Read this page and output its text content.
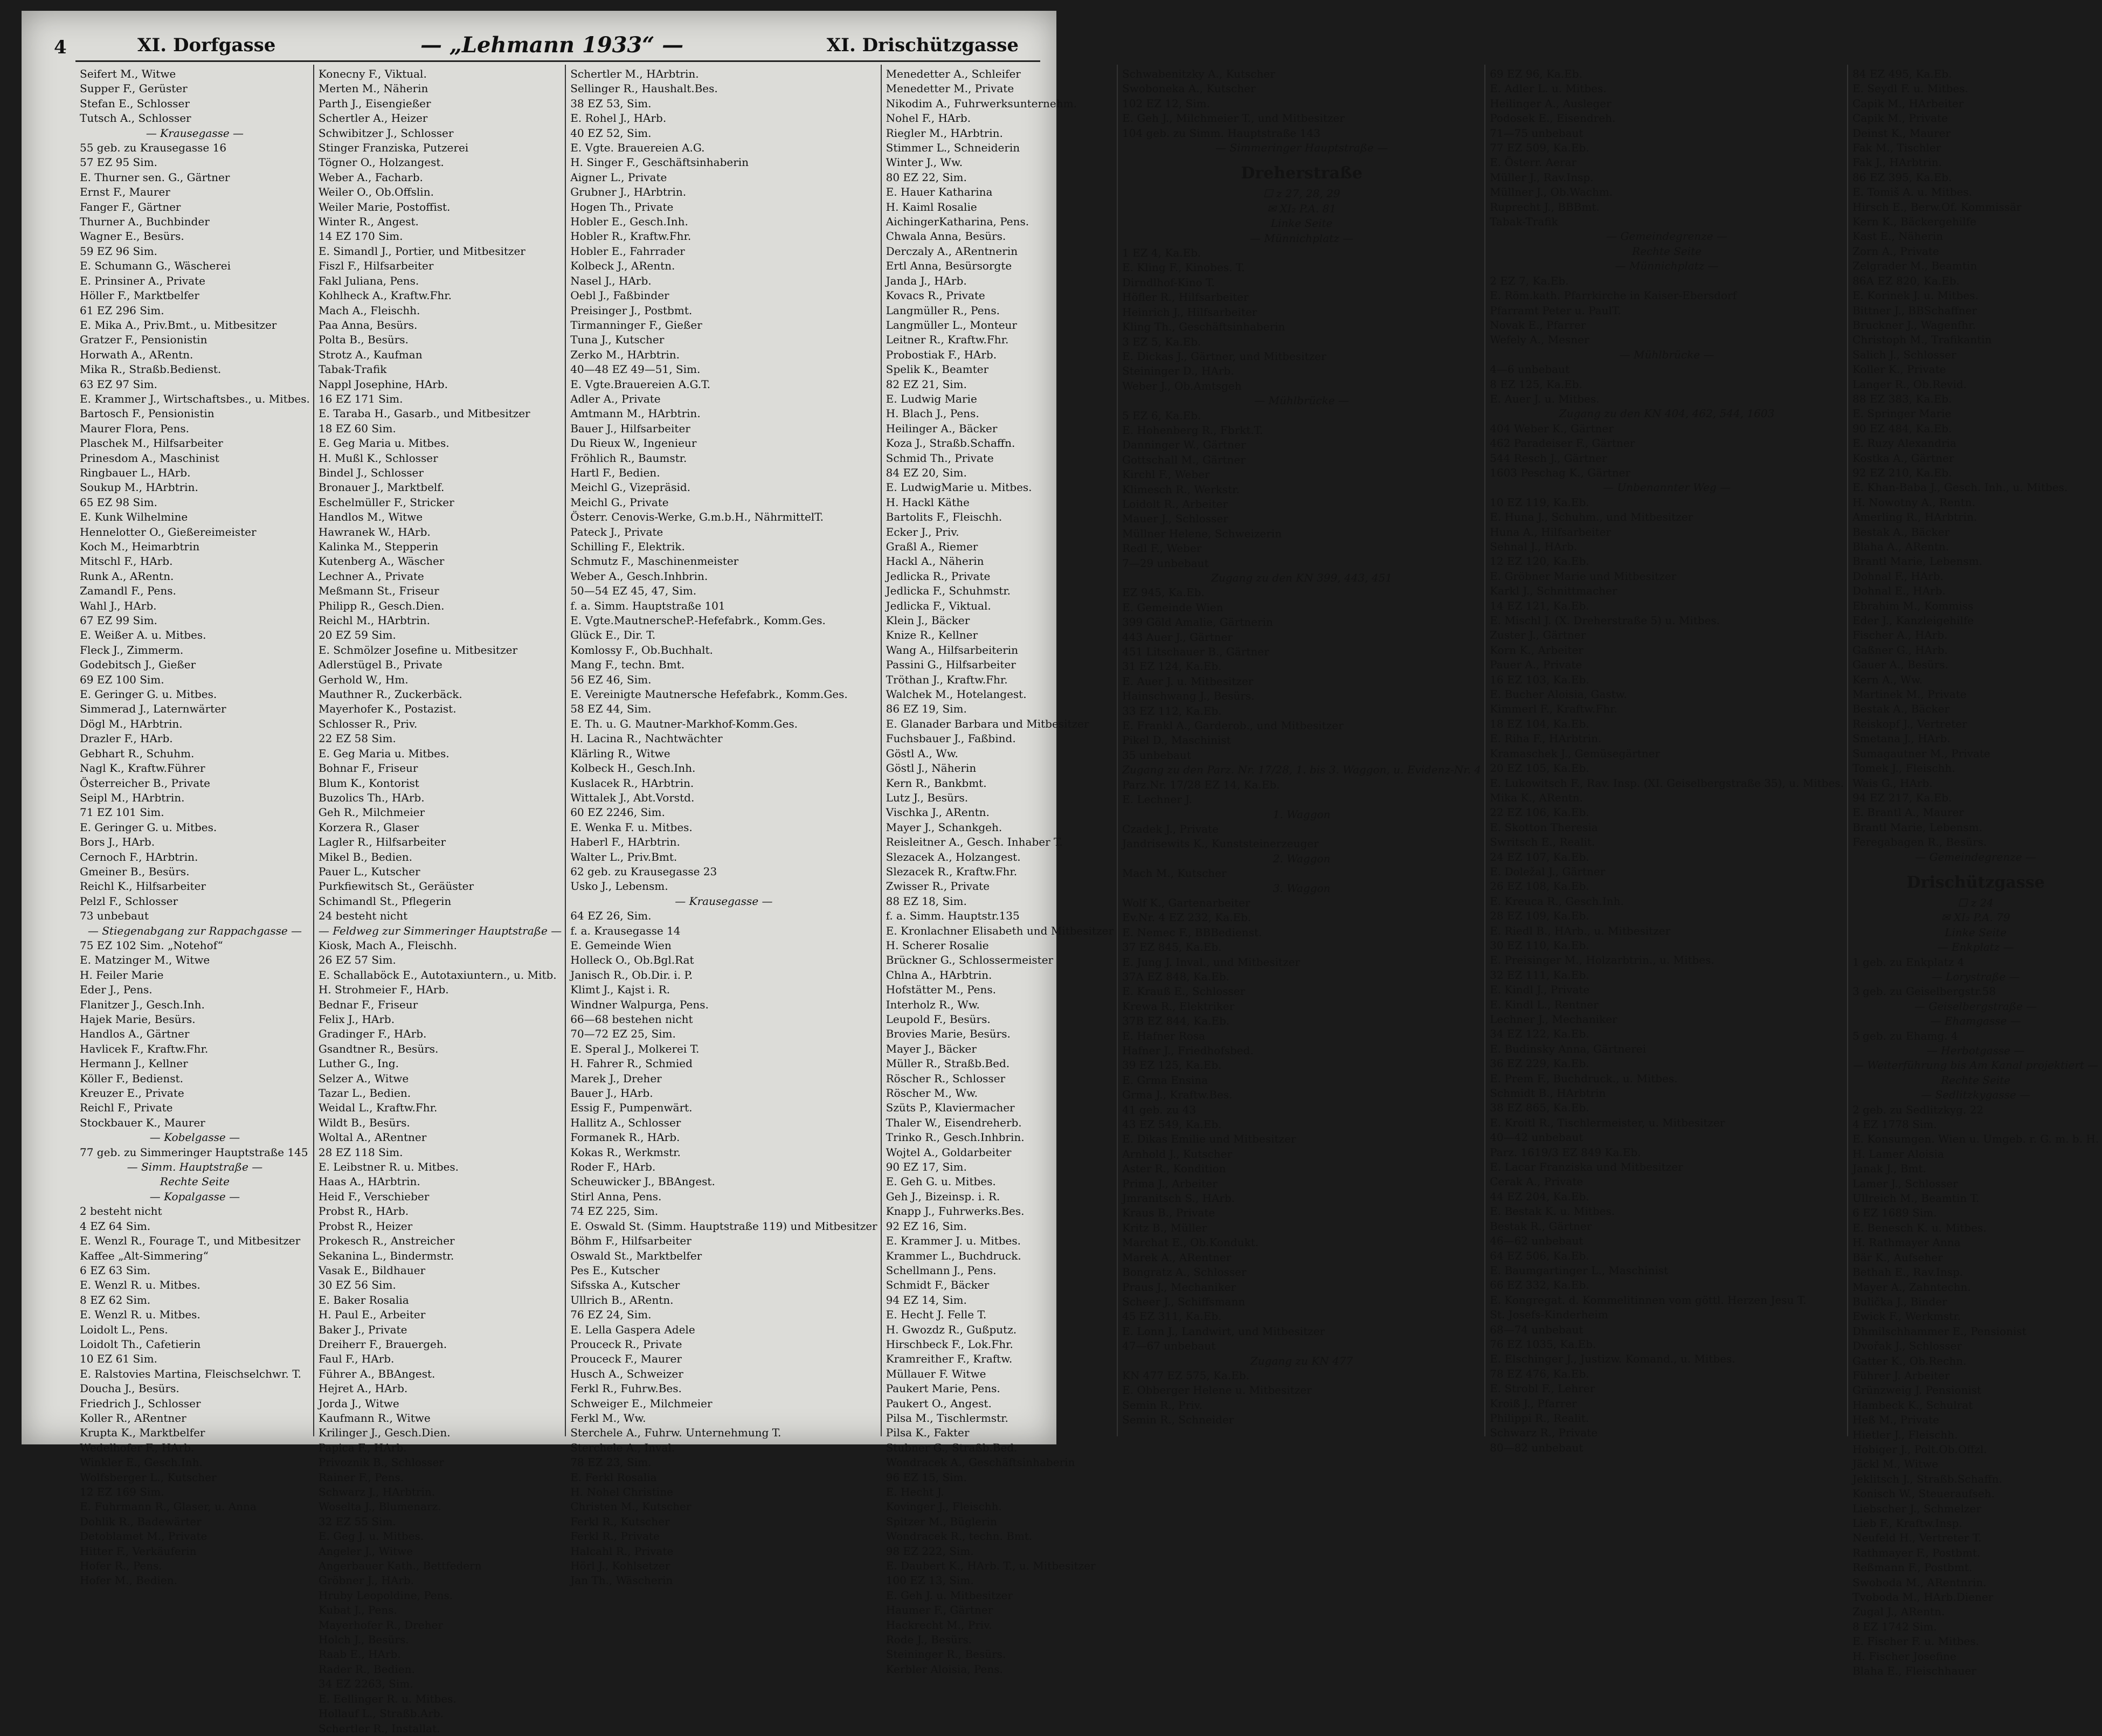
4	XI. Dorfgasse	— „Lehmann 1933“ —	XI. Drischützgasse
Seifert M., Witwe
Supper F., Gerüster
Stefan E., Schlosser
Tutsch A., Schlosser
— Krausegasse —
55 geb. zu Krausegasse 16
57 EZ 95 Sim.
E. Thurner sen. G., Gärtner
Ernst F., Maurer
Fanger F., Gärtner
Thurner A., Buchbinder
Wagner E., Besürs.
59 EZ 96 Sim.
E. Schumann G., Wäscherei
E. Prinsiner A., Private
Höller F., Marktbelfer
61 EZ 296 Sim.
E. Mika A., Priv.Bmt., u. Mitbesitzer
Gratzer F., Pensionistin
Horwath A., ARentn.
Mika R., Straßb.Bedienst.
63 EZ 97 Sim.
E. Krammer J., Wirtschaftsbes., u. Mitbes.
Bartosch F., Pensionistin
Maurer Flora, Pens.
Plaschek M., Hilfsarbeiter
Prinesdom A., Maschinist
Ringbauer L., HArb.
Soukup M., HArbtrin.
65 EZ 98 Sim.
E. Kunk Wilhelmine
Hennelotter O., Gießereimeister
Koch M., Heimarbtrin
Mitschl F., HArb.
Runk A., ARentn.
Zamandl F., Pens.
Wahl J., HArb.
67 EZ 99 Sim.
E. Weißer A. u. Mitbes.
Fleck J., Zimmerm.
Godebitsch J., Gießer
69 EZ 100 Sim.
E. Geringer G. u. Mitbes.
Simmerad J., Laternwärter
Dögl M., HArbtrin.
Drazler F., HArb.
Gebhart R., Schuhm.
Nagl K., Kraftw.Führer
Österreicher B., Private
Seipl M., HArbtrin.
71 EZ 101 Sim.
E. Geringer G. u. Mitbes.
Bors J., HArb.
Cernoch F., HArbtrin.
Gmeiner B., Besürs.
Reichl K., Hilfsarbeiter
Pelzl F., Schlosser
73 unbebaut
— Stiegenabgang zur Rappachgasse —
75 EZ 102 Sim. „Notehof“
E. Matzinger M., Witwe
H. Feiler Marie
Eder J., Pens.
Flanitzer J., Gesch.Inh.
Hajek Marie, Besürs.
Handlos A., Gärtner
Havlicek F., Kraftw.Fhr.
Hermann J., Kellner
Köller F., Bedienst.
Kreuzer E., Private
Reichl F., Private
Stockbauer K., Maurer
— Kobelgasse —
77 geb. zu Simmeringer Hauptstraße 145
— Simm. Hauptstraße —
Rechte Seite
— Kopalgasse —
2 besteht nicht
4 EZ 64 Sim.
E. Wenzl R., Fourage T., und Mitbesitzer
Kaffee „Alt-Simmering“
6 EZ 63 Sim.
E. Wenzl R. u. Mitbes.
8 EZ 62 Sim.
E. Wenzl R. u. Mitbes.
Loidolt L., Pens.
Loidolt Th., Cafetierin
10 EZ 61 Sim.
E. Ralstovies Martina, Fleischselchwr. T.
Doucha J., Besürs.
Friedrich J., Schlosser
Koller R., ARentner
Krupta K., Marktbelfer
Wedelhofer F., HArb.
Winkler E., Gesch.Inh.
Wolfsberger L., Kutscher
12 EZ 169 Sim.
E. Fuhrmann R., Glaser, u. Anna
Dohlik R., Badewärter
Detoblamet M., Private
Hitter F., Verkäuferin
Hofer R., Pens.
Hofer M., Bedien.
Konecny F., Viktual.
Merten M., Näherin
Parth J., Eisengießer
Schertler A., Heizer
Schwibitzer J., Schlosser
Stinger Franziska, Putzerei
Tögner O., Holzangest.
Weber A., Facharb.
Weiler O., Ob.Offslin.
Weiler Marie, Postoffist.
Winter R., Angest.
14 EZ 170 Sim.
E. Simandl J., Portier, und Mitbesitzer
Fiszl F., Hilfsarbeiter
Fakl Juliana, Pens.
Kohlheck A., Kraftw.Fhr.
Mach A., Fleischh.
Paa Anna, Besürs.
Polta B., Besürs.
Strotz A., Kaufman
Tabak-Trafik
Nappl Josephine, HArb.
16 EZ 171 Sim.
E. Taraba H., Gasarb., und Mitbesitzer
18 EZ 60 Sim.
E. Geg Maria u. Mitbes.
H. Mußl K., Schlosser
Bindel J., Schlosser
Bronauer J., Marktbelf.
Eschelmüller F., Stricker
Handlos M., Witwe
Hawranek W., HArb.
Kalinka M., Stepperin
Kutenberg A., Wäscher
Lechner A., Private
Meßmann St., Friseur
Philipp R., Gesch.Dien.
Reichl M., HArbtrin.
20 EZ 59 Sim.
E. Schmölzer Josefine u. Mitbesitzer
Adlerstügel B., Private
Gerhold W., Hm.
Mauthner R., Zuckerbäck.
Mayerhofer K., Postazist.
Schlosser R., Priv.
22 EZ 58 Sim.
E. Geg Maria u. Mitbes.
Bohnar F., Friseur
Blum K., Kontorist
Buzolics Th., HArb.
Geh R., Milchmeier
Korzera R., Glaser
Lagler R., Hilfsarbeiter
Mikel B., Bedien.
Pauer L., Kutscher
Purkfiewitsch St., Geräüster
Schimandl St., Pflegerin
24 besteht nicht
— Feldweg zur Simmeringer Hauptstraße —
Kiosk, Mach A., Fleischh.
26 EZ 57 Sim.
E. Schallaböck E., Autotaxiuntern., u. Mitb.
H. Strohmeier F., HArb.
Bednar F., Friseur
Felix J., HArb.
Gradinger F., HArb.
Gsandtner R., Besürs.
Luther G., Ing.
Selzer A., Witwe
Tazar L., Bedien.
Weidal L., Kraftw.Fhr.
Wildt B., Besürs.
Woltal A., ARentner
28 EZ 118 Sim.
E. Leibstner R. u. Mitbes.
Haas A., HArbtrin.
Heid F., Verschieber
Probst R., HArb.
Probst R., Heizer
Prokesch R., Anstreicher
Sekanina L., Bindermstr.
Vasak E., Bildhauer
30 EZ 56 Sim.
E. Baker Rosalia
H. Paul E., Arbeiter
Baker J., Private
Dreiherr F., Brauergeh.
Faul F., HArb.
Führer A., BBAngest.
Hejret A., HArb.
Jorda J., Witwe
Kaufmann R., Witwe
Krilinger J., Gesch.Dien.
Papica F., HArb.
Privoznik B., Schlosser
Rainer F., Pens.
Schwarz J., HArbtrin.
Woselta J., Blumenarz.
32 EZ 55 Sim.
E. Geg J. u. Mitbes.
Angeler J., Witwe
Angerbauer Kath., Bettfedern
Gröbner J., HArb.
Hruby Leopoldine, Pens.
Kubat J., Pens.
Mayerhofer R., Dreher
Holch J., Besürs.
Raab E., HArb.
Rader R., Bedien.
34 EZ 2263, Sim.
E. Eellinger R. u. Mitbes.
Hollauf L., Straßb.Arb.
Schertler R., Installat.
Schertler M., HArbtrin.
Sellinger R., Haushalt.Bes.
38 EZ 53, Sim.
E. Rohel J., HArb.
40 EZ 52, Sim.
E. Vgte. Brauereien A.G.
H. Singer F., Geschäftsinhaberin
Aigner L., Private
Grubner J., HArbtrin.
Hogen Th., Private
Hobler E., Gesch.Inh.
Hobler R., Kraftw.Fhr.
Hobler E., Fahrrader
Kolbeck J., ARentn.
Nasel J., HArb.
Oebl J., Faßbinder
Preisinger J., Postbmt.
Tirmanninger F., Gießer
Tuna J., Kutscher
Zerko M., HArbtrin.
40—48 EZ 49—51, Sim.
E. Vgte.Brauereien A.G.T.
Adler A., Private
Amtmann M., HArbtrin.
Bauer J., Hilfsarbeiter
Du Rieux W., Ingenieur
Fröhlich R., Baumstr.
Hartl F., Bedien.
Meichl G., Vizepräsid.
Meichl G., Private
Österr. Cenovis-Werke, G.m.b.H., NährmittelT.
Pateck J., Private
Schilling F., Elektrik.
Schmutz F., Maschinenmeister
Weber A., Gesch.Inhbrin.
50—54 EZ 45, 47, Sim.
f. a. Simm. Hauptstraße 101
E. Vgte.MautnerscheP.-Hefefabrk., Komm.Ges.
Glück E., Dir. T.
Komlossy F., Ob.Buchhalt.
Mang F., techn. Bmt.
56 EZ 46, Sim.
E. Vereinigte Mautnersche Hefefabrk., Komm.Ges.
58 EZ 44, Sim.
E. Th. u. G. Mautner-Markhof-Komm.Ges.
H. Lacina R., Nachtwächter
Klärling R., Witwe
Kolbeck H., Gesch.Inh.
Kuslacek R., HArbtrin.
Wittalek J., Abt.Vorstd.
60 EZ 2246, Sim.
E. Wenka F. u. Mitbes.
Haberl F., HArbtrin.
Walter L., Priv.Bmt.
62 geb. zu Krausegasse 23
Usko J., Lebensm.
— Krausegasse —
64 EZ 26, Sim.
f. a. Krausegasse 14
E. Gemeinde Wien
Holleck O., Ob.Bgl.Rat
Janisch R., Ob.Dir. i. P.
Klimt J., Kajst i. R.
Windner Walpurga, Pens.
66—68 bestehen nicht
70—72 EZ 25, Sim.
E. Speral J., Molkerei T.
H. Fahrer R., Schmied
Marek J., Dreher
Bauer J., HArb.
Essig F., Pumpenwärt.
Hallitz A., Schlosser
Formanek R., HArb.
Kokas R., Werkmstr.
Roder F., HArb.
Scheuwicker J., BBAngest.
Stirl Anna, Pens.
74 EZ 225, Sim.
E. Oswald St. (Simm. Hauptstraße 119) und Mitbesitzer
Böhm F., Hilfsarbeiter
Oswald St., Marktbelfer
Pes E., Kutscher
Sifsska A., Kutscher
Ullrich B., ARentn.
76 EZ 24, Sim.
E. Lella Gaspera Adele
Prouceck R., Private
Prouceck F., Maurer
Husch A., Schweizer
Ferkl R., Fuhrw.Bes.
Schweiger E., Milchmeier
Ferkl M., Ww.
Sterchele A., Fuhrw. Unternehmung T.
Sterchele A., Inval.
78 EZ 23, Sim.
E. Ferkl Rosalia
H. Nohel Christine
Christen M., Kutscher
Ferkl R., Kutscher
Ferkl R., Private
Halcahl R., Private
Hörl J., Kohlsetzer
Jan Th., Wäscherin
Menedetter A., Schleifer
Menedetter M., Private
Nikodim A., Fuhrwerksunternehm.
Nohel F., HArb.
Riegler M., HArbtrin.
Stimmer L., Schneiderin
Winter J., Ww.
80 EZ 22, Sim.
E. Hauer Katharina
H. Kaiml Rosalie
AichingerKatharina, Pens.
Chwala Anna, Besürs.
Derczaly A., ARentnerin
Ertl Anna, Besürsorgte
Janda J., HArb.
Kovacs R., Private
Langmüller R., Pens.
Langmüller L., Monteur
Leitner R., Kraftw.Fhr.
Probostiak F., HArb.
Spelik K., Beamter
82 EZ 21, Sim.
E. Ludwig Marie
H. Blach J., Pens.
Heilinger A., Bäcker
Koza J., Straßb.Schaffn.
Schmid Th., Private
84 EZ 20, Sim.
E. LudwigMarie u. Mitbes.
H. Hackl Käthe
Bartolits F., Fleischh.
Ecker J., Priv.
Graßl A., Riemer
Hackl A., Näherin
Jedlicka R., Private
Jedlicka F., Schuhmstr.
Jedlicka F., Viktual.
Klein J., Bäcker
Knize R., Kellner
Wang A., Hilfsarbeiterin
Passini G., Hilfsarbeiter
Tröthan J., Kraftw.Fhr.
Walchek M., Hotelangest.
86 EZ 19, Sim.
E. Glanader Barbara und Mitbesitzer
Fuchsbauer J., Faßbind.
Göstl A., Ww.
Göstl J., Näherin
Kern R., Bankbmt.
Lutz J., Besürs.
Vischka J., ARentn.
Mayer J., Schankgeh.
Reisleitner A., Gesch. Inhaber T.
Slezacek A., Holzangest.
Slezacek R., Kraftw.Fhr.
Zwisser R., Private
88 EZ 18, Sim.
f. a. Simm. Hauptstr.135
E. Kronlachner Elisabeth und Mitbesitzer
H. Scherer Rosalie
Brückner G., Schlossermeister
Chlna A., HArbtrin.
Hofstätter M., Pens.
Interholz R., Ww.
Leupold F., Besürs.
Brovies Marie, Besürs.
Mayer J., Bäcker
Müller R., Straßb.Bed.
Röscher R., Schlosser
Röscher M., Ww.
Szüts P., Klaviermacher
Thaler W., Eisendreherb.
Trinko R., Gesch.Inhbrin.
Wojtel A., Goldarbeiter
90 EZ 17, Sim.
E. Geh G. u. Mitbes.
Geh J., Bizeinsp. i. R.
Knapp J., Fuhrwerks.Bes.
92 EZ 16, Sim.
E. Krammer J. u. Mitbes.
Krammer L., Buchdruck.
Schellmann J., Pens.
Schmidt F., Bäcker
94 EZ 14, Sim.
E. Hecht J. Felle T.
H. Gwozdz R., Gußputz.
Hirschbeck F., Lok.Fhr.
Kramreither F., Kraftw.
Müllauer F. Witwe
Paukert Marie, Pens.
Paukert O., Angest.
Pilsa M., Tischlermstr.
Pilsa K., Fakter
Stubner G., Straßb.Bed.
Wondracek A., Geschäftsinhaberin
96 EZ 15, Sim.
E. Hecht J.
Kovinger J., Fleischh.
Spitzer M., Büglerin
Wondracek R., techn. Bmt.
98 EZ 222, Sim.
E. Daubert K., HArb. T., u. Mitbesitzer
100 EZ 13, Sim.
E. Geh J. u. Mitbesitzer
Haumer F., Gärtner
Hackrecht M., Priv.
Rode J., Besürs.
Steininger R., Besürs.
Kerbler Aloisia, Pens.
Schwabenitzky A., Kutscher
Swoboneka A., Kutscher
102 EZ 12, Sim.
E. Geh J., Milchmeier T., und Mitbesitzer
104 geb. zu Simm. Hauptstraße 143
— Simmeringer Hauptstraße —
Dreherstraße
☐ z 27, 28, 29
✉ XI₂ P.A. 81
Linke Seite
— Münnichplatz —
1 EZ 4, Ka.Eb.
E. Kling F., Kinobes. T.
Dirndlhof-Kino T.
Höfler R., Hilfsarbeiter
Heinrich J., Hilfsarbeiter
Kling Th., Geschäftsinhaberin
3 EZ 5, Ka.Eb.
E. Dickas J., Gärtner, und Mitbesitzer
Steininger D., HArb.
Weber J., Ob.Amtsgeh
— Mühlbrücke —
5 EZ 6, Ka.Eb.
E. Hohenberg R., Fbrkt.T.
Danninger W., Gärtner
Gottschall M., Gärtner
Kirchl F., Weber
Klimesch R., Werkstr.
Loidolt R., Arbeiter
Mauer J., Schlosser
Müllner Helene, Schweizerin
Redl F., Weber
7—29 unbebaut
Zugang zu den KN 399, 443, 451
EZ 945, Ka.Eb.
E. Gemeinde Wien
399 Göld Amalie, Gärtnerin
443 Auer J., Gärtner
451 Litschauer B., Gärtner
31 EZ 124, Ka.Eb.
E. Auer J. u. Mitbesitzer
Hainschwang J., Besürs.
33 EZ 112, Ka.Eb.
E. Frankl A., Garderob., und Mitbesitzer
Pikel D., Maschinist
35 unbebaut
Zugang zu den Parz. Nr. 17/28, 1. bis 3. Waggon, u. Evidenz-Nr. 4
Parz.Nr. 17/28 EZ 14, Ka.Eb.
E. Lechner J.
1. Waggon
Czadek J., Private
Jandrisewits K., Kunststeinerzeuger
2. Waggon
Mach M., Kutscher
3. Waggon
Wolf K., Gartenarbeiter
Ev.Nr. 4 EZ 232, Ka.Eb.
E. Nemec F., BBBedienst.
37 EZ 845, Ka.Eb.
E. Jung J. Inval., und Mitbesitzer
37A EZ 848, Ka.Eb.
E. Krauß E., Schlosser
Krewa R., Elektriker
37B EZ 844, Ka.Eb.
E. Hafner Rosa
Hafner J., Friedhofsbed.
39 EZ 125, Ka.Eb.
E. Grma Ensina
Grma J., Kraftw.Bes.
41 geb. zu 43
43 EZ 549, Ka.Eb.
E. Dikas Emilie und Mitbesitzer
Arnhold J., Kutscher
Aster R., Kondition
Prima J., Arbeiter
Jmranitsch S., HArb.
Kraus B., Private
Kritz B., Müller
Marchat E., Ob.Kondukt.
Marek A., ARentner
Bongratz A., Schlosser
Praus J., Mechaniker
Scheer J., Schiffsmann
45 EZ 311, Ka.Eb.
E. Lonn J., Landwirt, und Mitbesitzer
47—67 unbebaut
Zugang zu KN 477
KN 477 EZ 575, Ka.Eb.
E. Obberger Helene u. Mitbesitzer
Semin R., Priv.
Semin R., Schneider
69 EZ 96, Ka.Eb.
E. Adler L. u. Mitbes.
Heilinger A., Ausleger
Podosek E., Eisendreh.
71—75 unbebaut
77 EZ 509, Ka.Eb.
E. Österr. Aerar
Müller J., Rav.Insp.
Müllner J., Ob.Wachm.
Ruprecht J., BBBmt.
Tabak-Trafik
— Gemeindegrenze —
Rechte Seite
— Münnichplatz —
2 EZ 7, Ka.Eb.
E. Röm.kath. Pfarrkirche in Kaiser-Ebersdorf
Pfarramt Peter u. PaulT.
Novak E., Pfarrer
Wefely A., Mesner
— Mühlbrücke —
4—6 unbebaut
8 EZ 125, Ka.Eb.
E. Auer J. u. Mitbes.
Zugang zu den KN 404, 462, 544, 1603
404 Weber K., Gärtner
462 Paradeiser F., Gärtner
544 Resch J., Gärtner
1603 Peschag K., Gärtner
— Unbenannter Weg —
10 EZ 119, Ka.Eb.
E. Huna J., Schuhm., und Mitbesitzer
Huna A., Hilfsarbeiter
Sehnal J., HArb.
12 EZ 120, Ka.Eb.
E. Gröbner Marie und Mitbesitzer
Karkl J., Schnittmacher
14 EZ 121, Ka.Eb.
E. Mischl J. (X. Dreherstraße 5) u. Mitbes.
Zuster J., Gärtner
Korn K., Arbeiter
Pauer A., Private
16 EZ 103, Ka.Eb.
E. Bucher Aloisia, Gastw.
Kimmerl F., Kraftw.Fhr.
18 EZ 104, Ka.Eb.
E. Riha F., HArbtrin.
Kramaschek J., Gemüsegärtner
20 EZ 105, Ka.Eb.
E. Lukowitsch F., Rav. Insp. (XI. Geiselbergstraße 35), u. Mitbes.
Mika K., ARentn.
22 EZ 106, Ka.Eb.
E. Skotton Theresia
Swritsch E., Realit.
24 EZ 107, Ka.Eb.
E. Doležal J., Gärtner
26 EZ 108, Ka.Eb.
E. Kreuca R., Gesch.Inh.
28 EZ 109, Ka.Eb.
E. Riedl B., HArb., u. Mitbesitzer
30 EZ 110, Ka.Eb.
E. Preisinger M., Holzarbtrin., u. Mitbes.
32 EZ 111, Ka.Eb.
E. Kindl J., Private
E. Kindl L., Rentner
Lechner J., Mechaniker
34 EZ 122, Ka.Eb.
E. Budinsky Anna, Gärtnerei
36 EZ 229, Ka.Eb.
E. Prem F., Buchdruck., u. Mitbes.
Schmidt B., HArbtrin
38 EZ 865, Ka.Eb.
E. Kroitl R., Tischlermeister, u. Mitbesitzer
40—42 unbebaut
Parz. 1619/3 EZ 849 Ka.Eb.
E. Lacar Franziska und Mitbesitzer
Cerak A., Private
44 EZ 204, Ka.Eb.
E. Bestak K. u. Mitbes.
Bestak R., Gärtner
46—62 unbebaut
64 EZ 506, Ka.Eb.
E. Baumgartinger L., Maschinist
66 EZ 332, Ka.Eb.
E. Kongregat. d. Kommelitinnen vom göttl. Herzen Jesu T.
St. Josefs-Kinderheim
68—74 unbebaut
76 EZ 1035, Ka.Eb.
E. Elschinger J., Justizw. Komand., u. Mitbes.
78 EZ 476, Ka.Eb.
E. Strobl F., Lehrer
Kroiß J., Pfarrer
Philippi R., Realit.
Schwarz R., Private
80—82 unbebaut
84 EZ 495, Ka.Eb.
E. Seydl F. u. Mitbes.
Capik M., HArbeiter
Capik M., Private
Deinst K., Maurer
Fak M., Tischler
Fak J., HArbtrin.
86 EZ 395, Ka.Eb.
E. Tomiš A. u. Mitbes.
Hirsch E., Berw.Of. Kommissär
Kern K., Bäckergehilfe
Kast E., Näherin
Zorn A., Private
Zelgrader M., Beamtin
86A EZ 820, Ka.Eb.
E. Korinek J. u. Mitbes.
Bittner J., BBSchaffner
Bruckner J., Wagenfhr.
Christoph M., Trafikantin
Salich J., Schlosser
Koller K., Private
Langer R., Ob.Revid.
88 EZ 383, Ka.Eb.
E. Springer Marie
90 EZ 484, Ka.Eb.
E. Ruzy Alexandria
Kostka A., Gärtner
92 EZ 210, Ka.Eb.
E. Khan-Baba J., Gesch. Inh., u. Mitbes.
H. Nowotny A., Rentn.
Amerling R., HArbtrin.
Bestak A., Bäcker
Blaha A., ARentn.
Brantl Marie, Lebensm.
Dohnal F., HArb.
Dohnal E., HArb.
Ebrahim M., Kommiss
Eder J., Kanzleigehilfe
Fischer A., HArb.
Gaßner G., HArb.
Gauer A., Besürs.
Kern A., Ww.
Martinek M., Private
Bestak A., Bäcker
Reiskopf J., Vertreter
Smetana J., HArb.
Sumagautner M., Private
Tomek J., Fleischh.
Wais G., HArb.
94 EZ 217, Ka.Eb.
E. Brantl A., Maurer
Brantl Marie, Lebensm.
Feregabagen R., Besürs.
— Gemeindegrenze —
Drischützgasse
☐ z 24
✉ XI₂ P.A. 79
Linke Seite
— Enkplatz —
1 geb. zu Enkplatz 4
— Lorystraße —
3 geb. zu Geiselbergstr.58
— Geiselbergstraße —
— Ehamgasse —
5 geb. zu Ehamg. 4
— Herbotgasse —
— Weiterführung bis Am Kanal projektiert —
Rechte Seite
— Sedlitzkygasse —
2 geb. zu Sedlitzkyg. 22
4 EZ 1778 Sim.
E. Konsumgen. Wien u. Umgeb. r. G. m. b. H.
H. Lamer Aloisia
Janak J., Bmt.
Lamer J., Schlosser
Ullreich M., Beamtin T.
6 EZ 1689 Sim.
E. Benesch K. u. Mitbes.
H. Rathmayer Anna
Bär K., Aufseher
Bethah E., Rav.Insp.
Mayer A., Zahntechn.
Bulička J., Binder
Ewick F., Werkmstr.
Dhmilschhammer E., Pensionist
Dvořak J., Schlosser
Gatter K., Ob.Rechn.
Führer J. Arbeiter
Grünzweig J. Pensionist
Hambeck K., Schulrat
Heß M., Private
Hietler J., Fleischh.
Hobiger J., Polt.Ob.Offzl.
Jäckl M., Witwe
Jeklitsch J., Straßb.Schaffn.
Konisch W., Steueraufseh.
Liebscher J., Schmelzer
Lieb F., Kraftw.Insp.
Neufeld H., Vertreter T.
Rathmayer F., Postbmt.
Reßmann F., Postbmt.
Swoboda M., ARentnrin.
Tvoboda M., HArb.Diener
Zugal J., ARentn.
8 EZ 1742 Sim.
E. Fischer F. u. Mitbes.
H. Fischer Josefine
Blaha E., Fleischhauer
